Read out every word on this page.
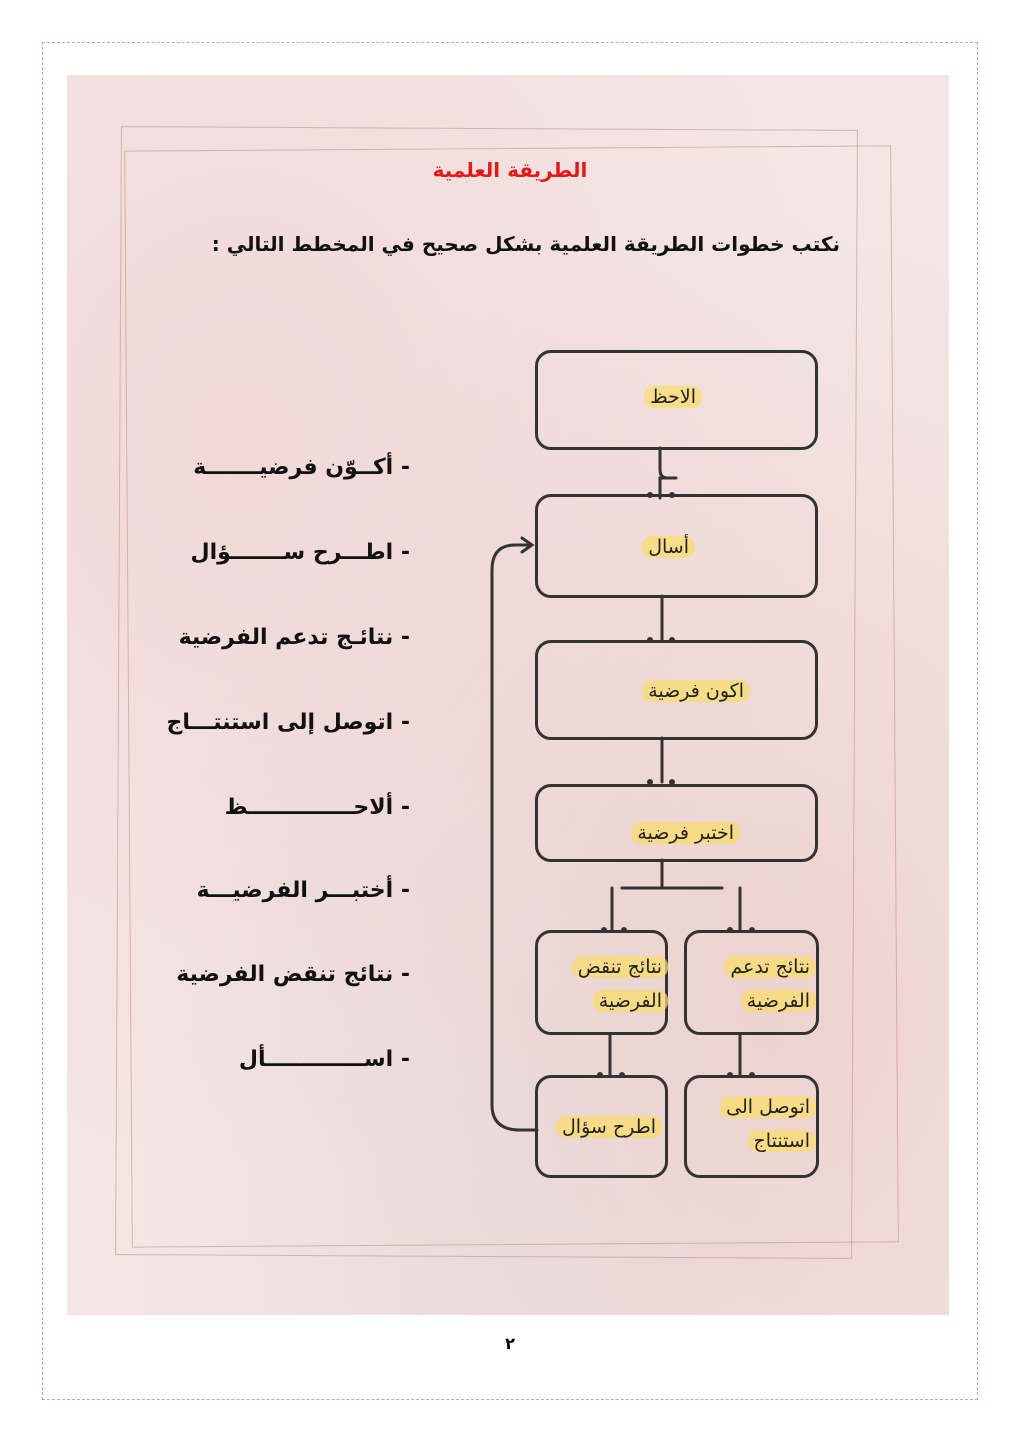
الطريقة العلمية
نكتب خطوات الطريقة العلمية بشكل صحيح في المخطط التالي :
- أكــوّن فرضيـــــــة
- اطـــرح ســـــــؤال
- نتائـج تدعم الفرضية
- اتوصل إلى استنتـــاج
- ألاحــــــــــــــظ
- أختبـــر الفرضيـــة
- نتائج تنقض الفرضية
- اســـــــــــــأل
الاحظ
أسال
اكون فرضية
اختبر فرضية
نتائج تنقض
الفرضية
نتائج تدعم
الفرضية
اتوصل الى
استنتاج
اطرح سؤال
٢
